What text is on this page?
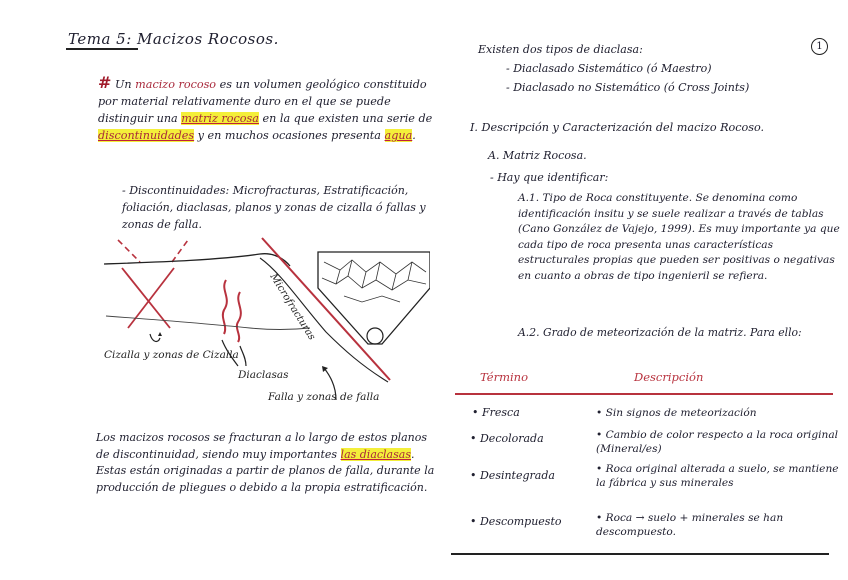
Tema 5: Macizos Rocosos.
# Un macizo rocoso es un volumen geológico constituido por material relativamente duro en el que se puede distinguir una matriz rocosa en la que existen una serie de discontinuidades y en muchos ocasiones presenta agua.
- Discontinuidades: Microfracturas, Estratificación, foliación, diaclasas, planos y zonas de cizalla ó fallas y zonas de falla.
Cizalla y zonas de Cizalla
Diaclasas
Microfracturas
Falla y zonas de falla
Los macizos rocosos se fracturan a lo largo de estos planos de discontinuidad, siendo muy importantes las diaclasas. Estas están originadas a partir de planos de falla, durante la producción de pliegues o debido a la propia estratificación.
1
Existen dos tipos de diaclasa:
- Diaclasado Sistemático (ó Maestro)
- Diaclasado no Sistemático (ó Cross Joints)
I. Descripción y Caracterización del macizo Rocoso.
A. Matriz Rocosa.
- Hay que identificar:
A.1. Tipo de Roca constituyente. Se denomina como identificación insitu y se suele realizar a través de tablas (Cano González de Vajejo, 1999). Es muy importante ya que cada tipo de roca presenta unas características estructurales propias que pueden ser positivas o negativas en cuanto a obras de tipo ingenieril se refiera.
A.2. Grado de meteorización de la matriz. Para ello:
Término	Descripción
• Fresca	• Sin signos de meteorización
• Decolorada	• Cambio de color respecto a la roca original (Mineral/es)
• Desintegrada	• Roca original alterada a suelo, se mantiene la fábrica y sus minerales
• Descompuesto	• Roca → suelo + minerales se han descompuesto.
